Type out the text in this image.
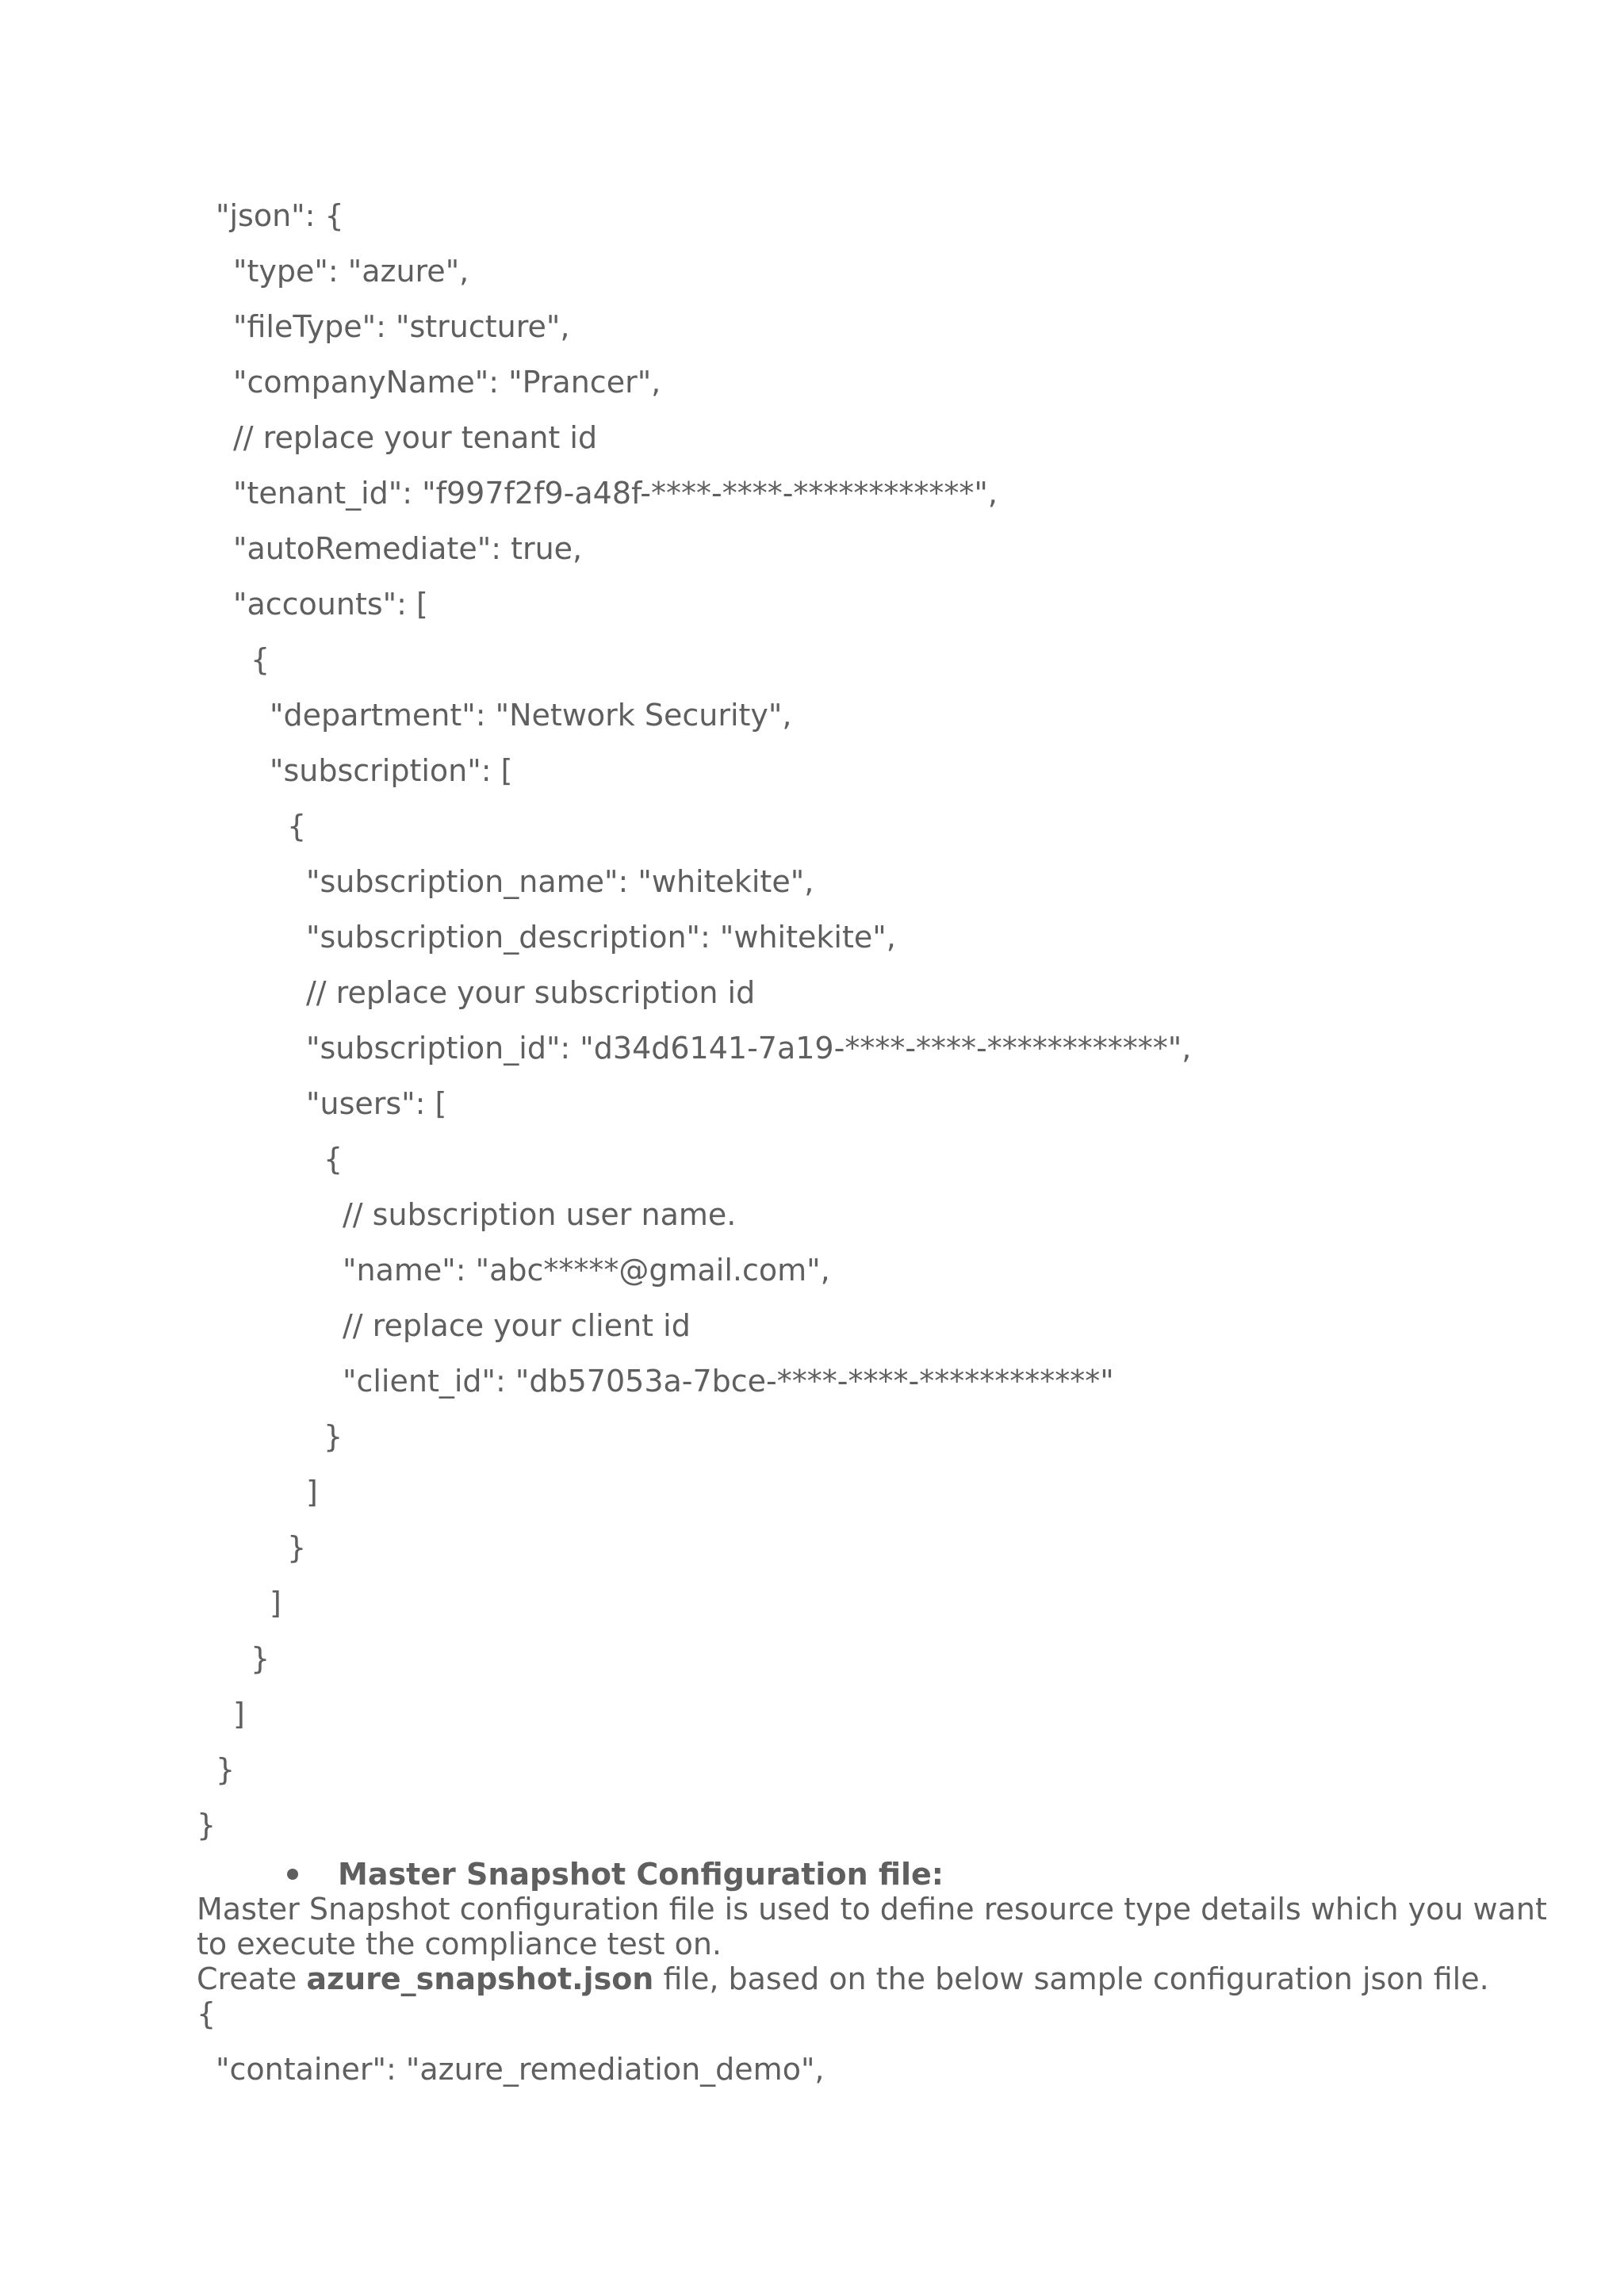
"json": {

"type": "azure",

"fileType": "structure",

"companyName": "Prancer",

// replace your tenant id

"tenant_id": "f997f2f9-a48f-****-****-************",

"autoRemediate": true,

"accounts": [

{

"department": "Network Security",

"subscription": [

{

"subscription_name": "whitekite",

"subscription_description": "whitekite",

// replace your subscription id

"subscription_id": "d34d6141-7a19-****-****-************",

"users": [

{

// subscription user name.

"name": "abc*****@gmail.com",

// replace your client id

"client_id": "db57053a-7bce-****-****-************"

}

]

}

]

}

]

}

}

Master Snapshot Configuration file:

Master Snapshot configuration file is used to define resource type details which you want

to execute the compliance test on.

Create azure_snapshot.json file, based on the below sample configuration json file.

{

"container": "azure_remediation_demo",
